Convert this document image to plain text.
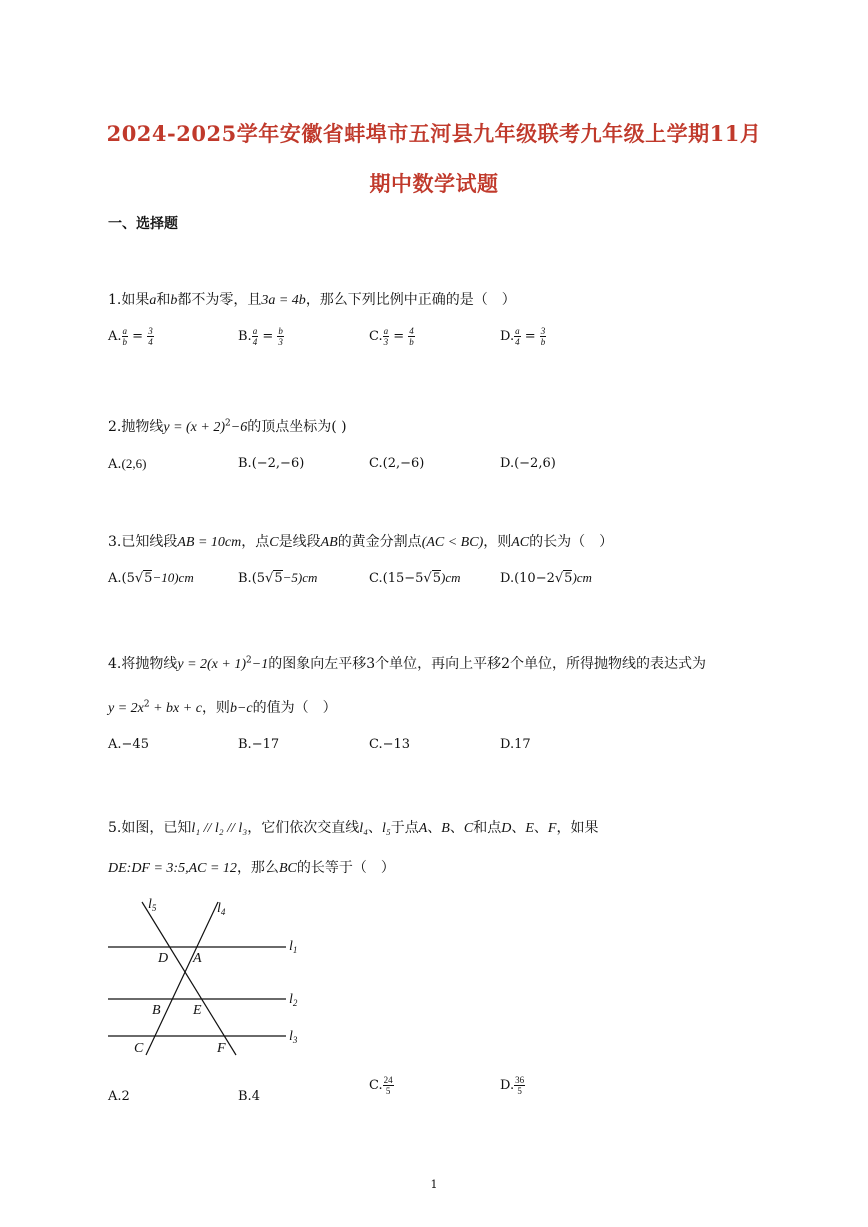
2024-2025学年安徽省蚌埠市五河县九年级联考九年级上学期11月
期中数学试题
一、选择题
1.如果a和b都不为零，且3a = 4b，那么下列比例中正确的是（　）
A. $\frac{a}{b} = \frac{3}{4}$	B. $\frac{a}{4} = \frac{b}{3}$	C. $\frac{a}{3} = \frac{4}{b}$	D. $\frac{a}{4} = \frac{3}{b}$
2.抛物线$y = (x + 2)^2-6$的顶点坐标为( )
A.(2,6)	B.(−2,−6)	C.(2,−6)	D.(−2,6)
3.已知线段AB = 10cm，点C是线段AB的黄金分割点(AC < BC)，则AC的长为（　）
A.(5√5−10)cm	B.(5√5−5)cm	C.(15−5√5)cm	D.(10−2√5)cm
4.将抛物线$y = 2(x + 1)^2-1$的图象向左平移3个单位，再向上平移2个单位，所得抛物线的表达式为
$y = 2x^2$ + bx + c，则b−c的值为（　）
A.−45	B.−17	C.−13	D.17
5.如图，已知l₁ // l₂ // l₃，它们依次交直线l₄、l₅于点A、B、C和点D、E、F，如果
DE:DF = 3:5,AC = 12，那么BC的长等于（　）
$l_5$	$l_4$
$l_1$
$l_2$
$l_3$
D A
B E
C	F
A.2	B.4
C. $\frac{24}{5}$	D. $\frac{36}{5}$
1
